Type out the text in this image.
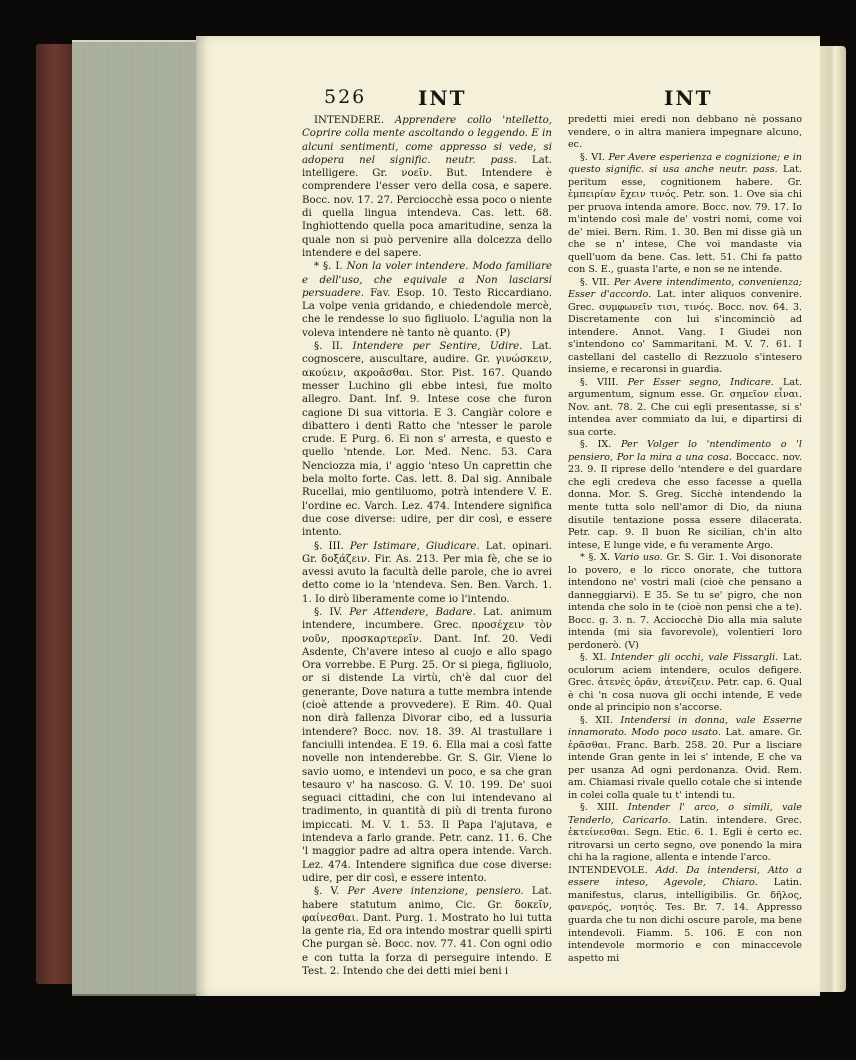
526	INT	INT

INTENDERE. Apprendere collo 'ntelletto, Coprire colla mente ascoltando o leggendo. E in alcuni sentimenti, come appresso si vede, si adopera nel signific. neutr. pass. Lat. intelligere. Gr. νοεῖν. But. Intendere è comprendere l'esser vero della cosa, e sapere. Bocc. nov. 17. 27. Perciocchè essa poco o niente di quella lingua intendeva. Cas. lett. 68. Inghiottendo quella poca amaritudine, senza la quale non si può pervenire alla dolcezza dello intendere e del sapere.

* §. I. Non la voler intendere. Modo familiare e dell'uso, che equivale a Non lasciarsi persuadere. Fav. Esop. 10. Testo Riccardiano. La volpe venia gridando, e chiedendole mercè, che le rendesse lo suo figliuolo. L'agulia non la voleva intendere nè tanto nè quanto. (P)

§. II. Intendere per Sentire, Udire. Lat. cognoscere, auscultare, audire. Gr. γινώσκειν, ακούειν, ακροᾶσθαι. Stor. Pist. 167. Quando messer Luchino gli ebbe intesi, fue molto allegro. Dant. Inf. 9. Intese cose che furon cagione Di sua vittoria. E 3. Cangiàr colore e dibattero i denti Ratto che 'ntesser le parole crude. E Purg. 6. Ei non s' arresta, e questo e quello 'ntende. Lor. Med. Nenc. 53. Cara Nenciozza mia, i' aggio 'nteso Un caprettin che bela molto forte. Cas. lett. 8. Dal sig. Annibale Rucellai, mio gentiluomo, potrà intendere V. E. l'ordine ec. Varch. Lez. 474. Intendere significa due cose diverse: udire, per dir così, e essere intento.

§. III. Per Istimare, Giudicare. Lat. opinari. Gr. δοξάζειν. Fir. As. 213. Per mia fè, che se io avessi avuto la facultà delle parole, che io avrei detto come io la 'ntendeva. Sen. Ben. Varch. 1. 1. Io dirò liberamente come io l'intendo.

§. IV. Per Attendere, Badare. Lat. animum intendere, incumbere. Grec. προσέχειν τὸν νοῦν, προσκαρτερεῖν. Dant. Inf. 20. Vedi Asdente, Ch'avere inteso al cuojo e allo spago Ora vorrebbe. E Purg. 25. Or si piega, figliuolo, or si distende La virtù, ch'è dal cuor del generante, Dove natura a tutte membra intende (cioè attende a provvedere). E Rim. 40. Qual non dirà fallenza Divorar cibo, ed a lussuria intendere? Bocc. nov. 18. 39. Al trastullare i fanciulli intendea. E 19. 6. Ella mai a così fatte novelle non intenderebbe. Gr. S. Gir. Viene lo savio uomo, e intendevi un poco, e sa che gran tesauro v' ha nascoso. G. V. 10. 199. De' suoi seguaci cittadini, che con lui intendevano al tradimento, in quantità di più di trenta furono impiccati. M. V. 1. 53. Il Papa l'ajutava, e intendeva a farlo grande. Petr. canz. 11. 6. Che 'l maggior padre ad altra opera intende. Varch. Lez. 474. Intendere significa due cose diverse: udire, per dir così, e essere intento.

§. V. Per Avere intenzione, pensiero. Lat. habere statutum animo, Cic. Gr. δοκεῖν, φαίνεσθαι. Dant. Purg. 1. Mostrato ho lui tutta la gente ria, Ed ora intendo mostrar quelli spirti Che purgan sè. Bocc. nov. 77. 41. Con ogni odio e con tutta la forza di perseguire intendo. E Test. 2. Intendo che dei detti miei beni i

predetti miei eredi non debbano nè possano vendere, o in altra maniera impegnare alcuno, ec.

§. VI. Per Avere esperienza e cognizione; e in questo signific. si usa anche neutr. pass. Lat. peritum esse, cognitionem habere. Gr. ἐμπειρίαν ἔχειν τινός. Petr. son. 1. Ove sia chi per pruova intenda amore. Bocc. nov. 79. 17. Io m'intendo così male de' vostri nomi, come voi de' miei. Bern. Rim. 1. 30. Ben mi disse già un che se n' intese, Che voi mandaste via quell'uom da bene. Cas. lett. 51. Chi fa patto con S. E., guasta l'arte, e non se ne intende.

§. VII. Per Avere intendimento, convenienza; Esser d'accordo. Lat. inter aliquos convenire. Grec. συμφωνεῖν τισι, τινός. Bocc. nov. 64. 3. Discretamente con lui s'incominciò ad intendere. Annot. Vang. I Giudei non s'intendono co' Sammaritani. M. V. 7. 61. I castellani del castello di Rezzuolo s'intesero insieme, e recaronsi in guardia.

§. VIII. Per Esser segno, Indicare. Lat. argumentum, signum esse. Gr. σημεῖον εἶναι. Nov. ant. 78. 2. Che cui egli presentasse, si s' intendea aver commiato da lui, e dipartirsi di sua corte.

§. IX. Per Volger lo 'ntendimento o 'l pensiero, Por la mira a una cosa. Boccacc. nov. 23. 9. Il riprese dello 'ntendere e del guardare che egli credeva che esso facesse a quella donna. Mor. S. Greg. Sicchè intendendo la mente tutta solo nell'amor di Dio, da niuna disutile tentazione possa essere dilacerata. Petr. cap. 9. Il buon Re sicilian, ch'in alto intese, E lunge vide, e fu veramente Argo.

* §. X. Vario uso. Gr. S. Gir. 1. Voi disonorate lo povero, e lo ricco onorate, che tuttora intendono ne' vostri mali (cioè che pensano a danneggiarvi). E 35. Se tu se' pigro, che non intenda che solo in te (cioè non pensi che a te). Bocc. g. 3. n. 7. Acciocchè Dio alla mia salute intenda (mi sia favorevole), volentieri loro perdonerò. (V)

§. XI. Intender gli occhi, vale Fissargli. Lat. oculorum aciem intendere, oculos defigere. Grec. ἀτενὲς ὁρᾶν, ἀτενίζειν. Petr. cap. 6. Qual è chi 'n cosa nuova gli occhi intende, E vede onde al principio non s'accorse.

§. XII. Intendersi in donna, vale Esserne innamorato. Modo poco usato. Lat. amare. Gr. ἐρᾶσθαι. Franc. Barb. 258. 20. Pur a lisciare intende Gran gente in lei s' intende, E che va per usanza Ad ogni perdonanza. Ovid. Rem. am. Chiamasi rivale quello cotale che si intende in colei colla quale tu t' intendi tu.

§. XIII. Intender l' arco, o simili, vale Tenderlo, Caricarlo. Latin. intendere. Grec. ἐκτείνεσθαι. Segn. Etic. 6. 1. Egli è certo ec. ritrovarsi un certo segno, ove ponendo la mira chi ha la ragione, allenta e intende l'arco.

INTENDEVOLE. Add. Da intendersi, Atto a essere inteso, Agevole, Chiaro. Latin. manifestus, clarus, intelligibilis. Gr. δῆλος, φανερός, νοητός. Tes. Br. 7. 14. Appresso guarda che tu non dichi oscure parole, ma bene intendevoli. Fiamm. 5. 106. E con non intendevole mormorio e con minaccevole aspetto mi
